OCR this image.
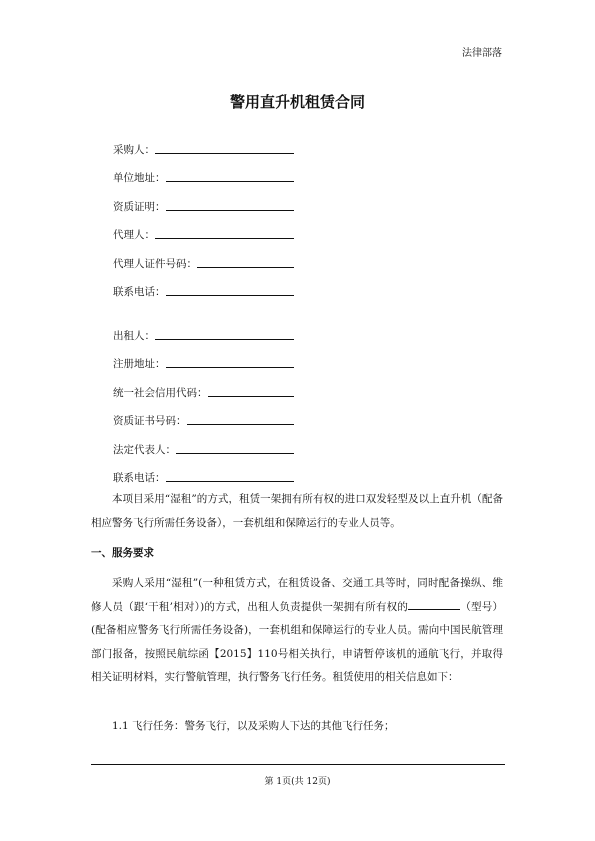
法律部落
警用直升机租赁合同
采购人：
单位地址：
资质证明：
代理人：
代理人证件号码：
联系电话：
出租人：
注册地址：
统一社会信用代码：
资质证书号码：
法定代表人：
联系电话：

本项目采用“湿租”的方式，租赁一架拥有所有权的进口双发轻型及以上直升机（配备相应警务飞行所需任务设备），一套机组和保障运行的专业人员等。

一、服务要求

采购人采用“湿租”(一种租赁方式，在租赁设备、交通工具等时，同时配备操纵、维修人员（跟‘干租’相对）)的方式，出租人负责提供一架拥有所有权的	（型号）(配备相应警务飞行所需任务设备)，一套机组和保障运行的专业人员。需向中国民航管理部门报备，按照民航综函【2015】110号相关执行，申请暂停该机的通航飞行，并取得相关证明材料，实行警航管理，执行警务飞行任务。租赁使用的相关信息如下：

1.1 飞行任务：警务飞行，以及采购人下达的其他飞行任务；
第 1页(共 12页)
